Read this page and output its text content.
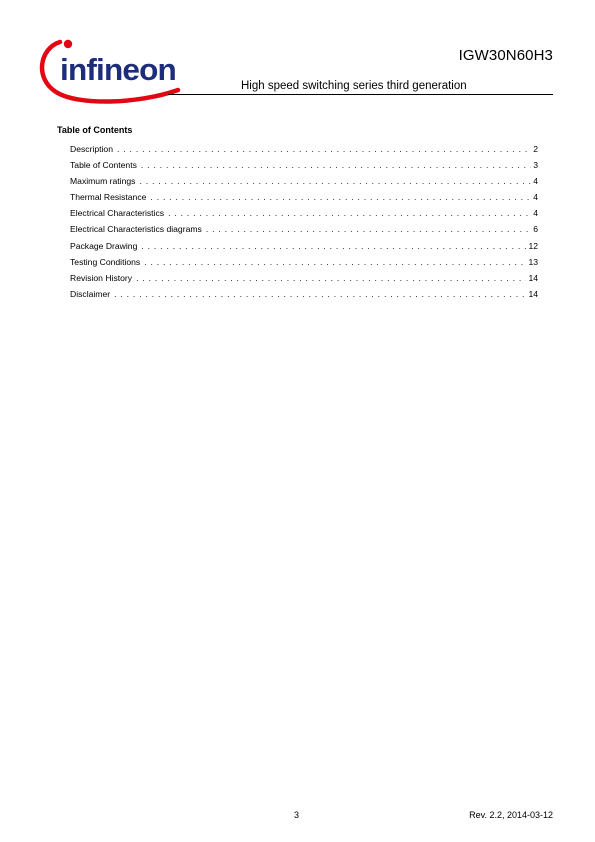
infineon	IGW30N60H3
High speed switching series third generation
Table of Contents
Description . . .	2
Table of Contents . . .	3
Maximum ratings . . .	4
Thermal Resistance . . .	4
Electrical Characteristics . . .	4
Electrical Characteristics diagrams . . .	6
Package Drawing . . .	12
Testing Conditions . . .	13
Revision History . . .	14
Disclaimer . . .	14
3	Rev. 2.2, 2014-03-12
